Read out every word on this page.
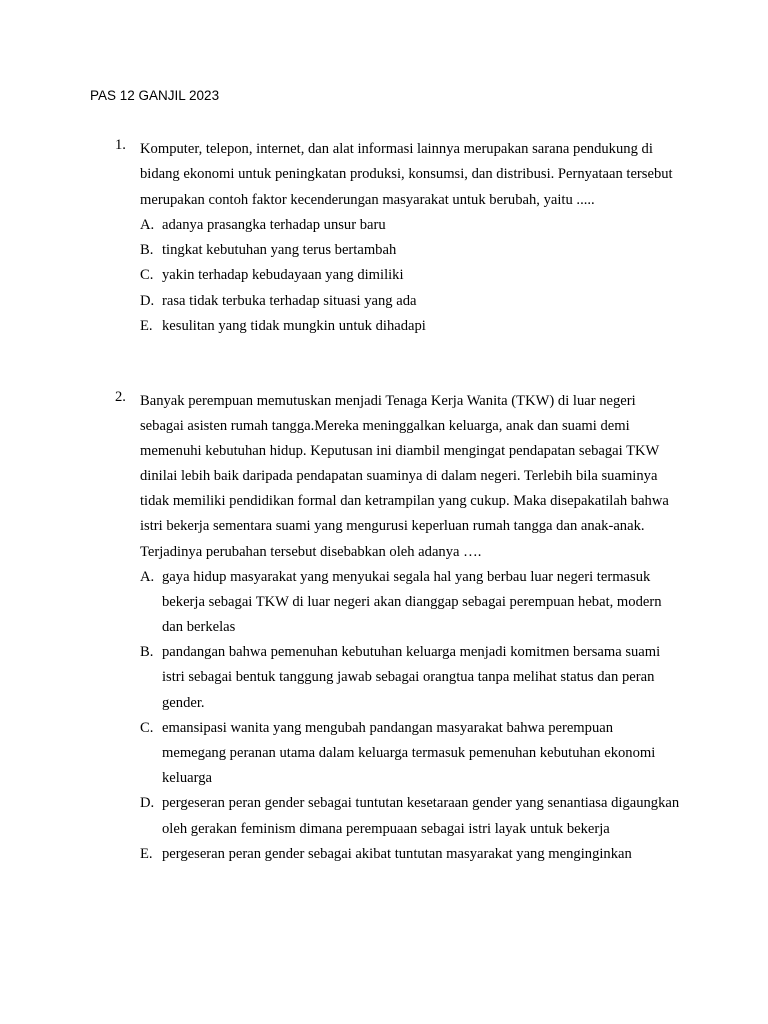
PAS 12 GANJIL 2023
1. Komputer, telepon, internet, dan alat informasi lainnya merupakan sarana pendukung di bidang ekonomi untuk peningkatan produksi, konsumsi, dan distribusi. Pernyataan tersebut merupakan contoh faktor kecenderungan masyarakat untuk berubah, yaitu .....
A. adanya prasangka terhadap unsur baru
B. tingkat kebutuhan yang terus bertambah
C. yakin terhadap kebudayaan yang dimiliki
D. rasa tidak terbuka terhadap situasi yang ada
E. kesulitan yang tidak mungkin untuk dihadapi
2. Banyak perempuan memutuskan menjadi Tenaga Kerja Wanita (TKW) di luar negeri sebagai asisten rumah tangga.Mereka meninggalkan keluarga, anak dan suami demi memenuhi kebutuhan hidup. Keputusan ini diambil mengingat pendapatan sebagai TKW dinilai lebih baik daripada pendapatan suaminya di dalam negeri. Terlebih bila suaminya tidak memiliki pendidikan formal dan ketrampilan yang cukup. Maka disepakatilah bahwa istri bekerja sementara suami yang mengurusi keperluan rumah tangga dan anak-anak.
Terjadinya perubahan tersebut disebabkan oleh adanya ….
A. gaya hidup masyarakat yang menyukai segala hal yang berbau luar negeri termasuk bekerja sebagai TKW di luar negeri akan dianggap sebagai perempuan hebat, modern dan berkelas
B. pandangan bahwa pemenuhan kebutuhan keluarga menjadi komitmen bersama suami istri sebagai bentuk tanggung jawab sebagai orangtua tanpa melihat status dan peran gender.
C. emansipasi wanita yang mengubah pandangan masyarakat bahwa perempuan memegang peranan utama dalam keluarga termasuk pemenuhan kebutuhan ekonomi keluarga
D. pergeseran peran gender sebagai tuntutan kesetaraan gender yang senantiasa digaungkan oleh gerakan feminism dimana perempuaan sebagai istri layak untuk bekerja
E. pergeseran peran gender sebagai akibat tuntutan masyarakat yang menginginkan
